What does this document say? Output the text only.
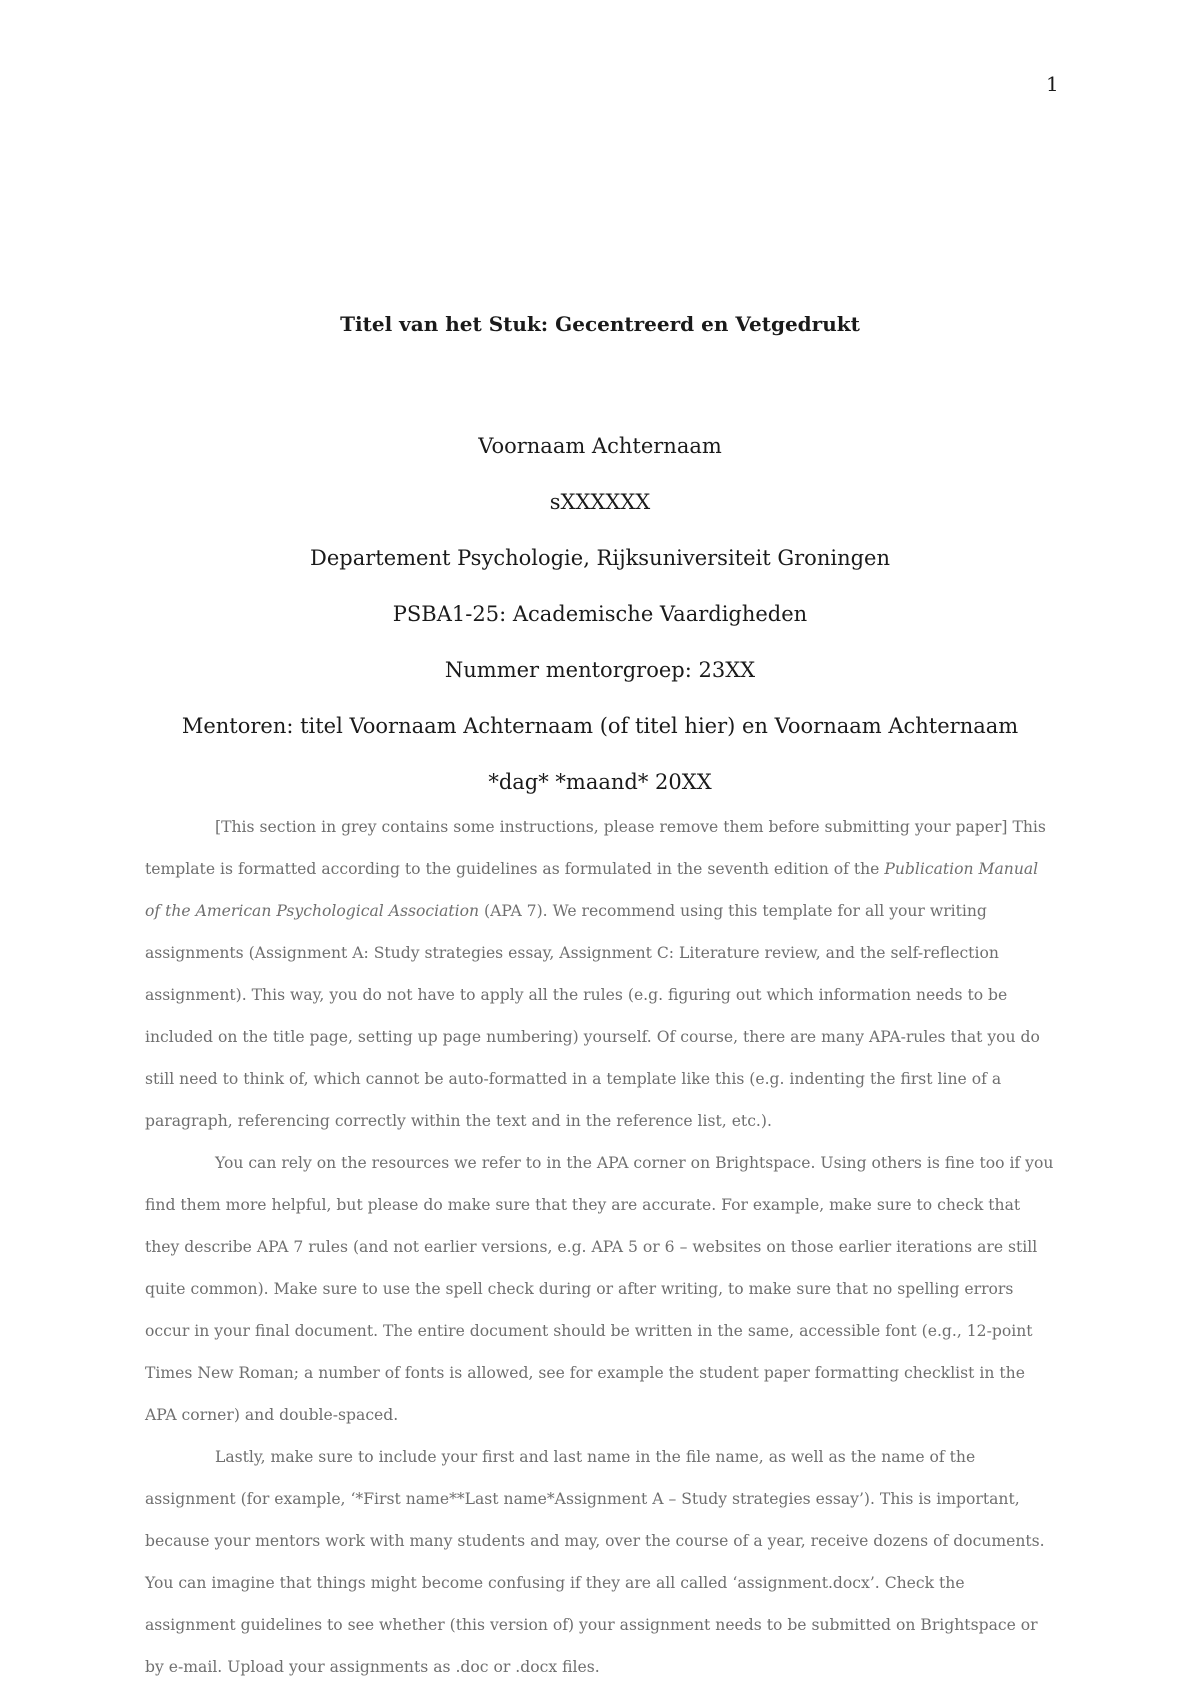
1
Titel van het Stuk: Gecentreerd en Vetgedrukt
Voornaam Achternaam
sXXXXXX
Departement Psychologie, Rijksuniversiteit Groningen
PSBA1-25: Academische Vaardigheden
Nummer mentorgroep: 23XX
Mentoren: titel Voornaam Achternaam (of titel hier) en Voornaam Achternaam
*dag* *maand* 20XX

[This section in grey contains some instructions, please remove them before submitting your paper] This template is formatted according to the guidelines as formulated in the seventh edition of the Publication Manual of the American Psychological Association (APA 7). We recommend using this template for all your writing assignments (Assignment A: Study strategies essay, Assignment C: Literature review, and the self-reflection assignment). This way, you do not have to apply all the rules (e.g. figuring out which information needs to be included on the title page, setting up page numbering) yourself. Of course, there are many APA-rules that you do still need to think of, which cannot be auto-formatted in a template like this (e.g. indenting the first line of a paragraph, referencing correctly within the text and in the reference list, etc.).

You can rely on the resources we refer to in the APA corner on Brightspace. Using others is fine too if you find them more helpful, but please do make sure that they are accurate. For example, make sure to check that they describe APA 7 rules (and not earlier versions, e.g. APA 5 or 6 – websites on those earlier iterations are still quite common). Make sure to use the spell check during or after writing, to make sure that no spelling errors occur in your final document. The entire document should be written in the same, accessible font (e.g., 12-point Times New Roman; a number of fonts is allowed, see for example the student paper formatting checklist in the APA corner) and double-spaced.

Lastly, make sure to include your first and last name in the file name, as well as the name of the assignment (for example, ‘*First name**Last name*Assignment A – Study strategies essay’). This is important, because your mentors work with many students and may, over the course of a year, receive dozens of documents. You can imagine that things might become confusing if they are all called ‘assignment.docx’. Check the assignment guidelines to see whether (this version of) your assignment needs to be submitted on Brightspace or by e-mail. Upload your assignments as .doc or .docx files.
